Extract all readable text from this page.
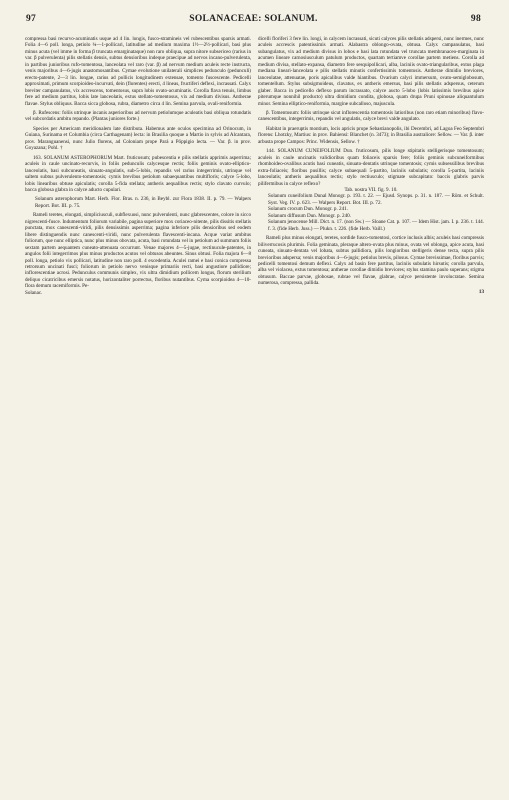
97	SOLANACEAE: SOLANUM.	98

compressa basi recurvo-acuminatis usque ad 4 lin. longis, fusco-stramineis vel rubescentibus sparsis armati. Folia 4—6 poll. longa, petiolo ¾—1-pollicari, latitudine ad medium maxima 1½—2½-pollicari, basi plus minus acuta (vel imme in forma β truncata emarginataque) non raro obliqua, supra nitore subsericeo (rarius in var. β pulverulenta) pilis stellatis densis, subtus densioribus indeque praecipue ad nervos incano-pulverulenta, in partibus junioribus rufo-tomentosa, lanceolata vel raro (var. β) ad nervum medium aculeis recte instructa, venis majoribus 4—6-jugis anastomosantibus. Cymae evolutione unilaterali simplices pedunculo (pedunculi) erecto-patente, 2—3 lin. longae, rarius ad pollicis longitudinem extensae, tomento fuscescente. Pedicelli approximati, primum scorpioideo-incurvati, dein (florentes) erecti, 4 lineas, fructiferi deflexi, incrassati. Calyx breviter campanulatus, vix accrescens, tomentosus, supra lobis ovato-acuminatis. Corolla flava tenuis, limbus fere ad medium partitus, lobis late lanceolatis, extus stellato-tomentosus, vix ad medium divisus. Antherae flavae. Stylus obliquus. Bacca sicca globosa, rubra, diametro circa 4 lin. Semina parvula, ovali-reniformia.

β. Rufescens: foliis utrinque incanis asperioribus ad nervum petiolumque aculeatis basi obliqua rotundatis vel subcordatis ambitu repando. (Plantas juniores forte.)

Species per Americam meridionalem late distributa. Habemus ante oculos specimina ad Orinocum, in Guiana, Surinama et Columbia (circa Carthagenam) lecta: in Brasilia quoque a Martio in sylvis ad Alcantara, prov. Maranguanensi, nunc Julio florens, ad Coloniam prope Pará a Pöppigio lecta. — Var. β. in prov. Goyazana; Pohl. †

163. SOLANUM ASTEROPHORUM Mart. fruticosum; pubescentia e pilis stellatis apprimis asperrima; aculeis in caule uncinato-recurvis, in foliis pedunculis calycesque rectis; foliis geminis ovato-elliptico-lanceolatis, basi subcuneatis, sinuato-angulatis, sub-5-lobis, repandis vel rarius integerrimis, utrinque vel saltem subtus pulverulento-tomentosis; cymis brevibus petiolum subaequantibus multifloris; calyce 5-lobo, lobis linearibus obtuse apiculatis; corolla 5-fida stellata; antheris aequalibus rectis; stylo clavato curvulo; bacca globosa glabra in calyce aducto cupulari.

Solanum asterophorum Mart. Herb. Flor. Bras. n. 236, in Beybl. zur Flora 1838. II. p. 79. — Walpers Report. Bot. III. p. 75.

Rameli teretes, elongati, simpliciusculi, subflexuosi, nunc pulverulenti, nunc glabrescentes, colore in sicco nigrescenti-fusce. Indumentum foliorum variabile, pagina superiore mox coriaceo-nitente, pilis dissitis stellatis punctata, mox canescenti-viridi, pilis densissimis asperrima; pagina inferiore pilis densioribus sed eodem libere distinguendis nunc canescenti-viridi, nunc pulverulenta flavescenti-incana. Acque variat ambitus foliorum, que nunc elliptica, nunc plus minus obovata, acuta, basi rotundata vel in petiolum ad summum foliis sextam partem aequantem cuneato-attenuata occurrunt. Venae majores 4—5-jugae, rectinucule-patentes, in angulos folii integerrimos plus minus productos acutos vel obtusos abeuntes. Sinus obtusi. Folia majora 6—8 poll. longa, petiolo vix pollicari, latitudine non raro poll. 4 excedentia. Aculei ramei e basi conica compressa retrorsum uncinati fusci; foliorum in petiolo nervo venisque primariis recti, basi angustiore pallidiore; inflorescentiae acrosi. Pedunculus communis simplex, vix ultra dimidium pollicem longus, florum sterilium deliquo cicatricibus emersis notatus, horizontaliter porrectus, floribus nutantibus. Cyma scorpioidea 4—10-flora demum racemiformis. Pe-

Solanac.

dicelli floriferi 3 fere lin. longi, in calycem incrassati, sicuti calyces pilis stellatis adspersi, nunc inermes, nunc aculeis accrescis patentissimis armati. Alabastra oblongo-ovata, obtusa. Calyx campanulatus, basi subangulatus, vix ad medium divisus in lobos e basi lata rotundata vel truncata membranaceo-marginata in acumen lineare carnosiusculum patulum productos, quartam tertiamve corollae partem metiens. Corolla ad medium divisa, stellato-expansa, diametro fere sesquipollicari, alba, laciniis ovato-triangularibus, extus plaga mediana lineari-lanceolata e pilis stellatis minutis confertissimis tomentosis. Antherae dimidio breviores, lanceolatae, attenuatae, poris apicalibus valde hiantibus. Ovarium calyci immersum, ovato-semiglobosum, tomentellum. Stylus subsigmoideus, clavatus, ex antheris emersus, basi pilis stellatis adspersus, ceterum glaber. Bacca in pedicello deflexo parum incrassato, calyce aucto 5-lobo (lobis latissimis brevibus apice piterumque nonnihil producto) ultra dimidium condita, globosa, quam drupa Pruni spinosae aliquantulum minor. Semina elliptico-reniformia, margine subcalloso, majuscula.

β. Tomentosum: foliis utrinque sicut inflorescentia tomentosis latioribus (non raro etiam minoribus) flavo-canescentibus, integerrimis, repandis vel angulatis, calyce brevi valde angulato.

Habitat in praeruptis montium, locis apricis prope Sebastianopolis, ibi Decembri, ad Lagoa Feo Septembri florens: Lhotzky, Martius: in prov. Bahiensi: Blanchet (n. 3473); in Brasilia australiore: Sellow. — Var. β. inter arbusta prope Campos: Princ. Widensis, Sellow. †

144. SOLANUM CUNEIFOLIUM Dun. fruticosum, pilis longe stipitatis stelligerisque tomentosum; aculeis in caule uncinatis validioribus quam foliaceis sparsis fere; foliis geminis subcuneiformibus rhomboideo-ovalibus acutis basi cuneatis, sinuato-dentatis utrinque tomentosis; cymis subsessilibus brevibus extra-foliaceis; floribus pusillis; calyce subaequali 5-partito, laciniis subulatis; corolla 5-partita, laciniis lanceolatis; antheris aequalibus rectis; stylo rectiusculo; stigmate subcapitato: baccis glabris parvis pilifermibus in calyce reflexo?

Tab. nostra VII. fig. 9. 10.

Solanum cuneifolium Dunal Monogr. p. 193. t. 22. — Ejusd. Synops. p. 31. n. 187. — Röm. et Schult. Syst. Veg. IV. p. 623. — Walpers Report. Bot. III. p. 72.

Solanum crocum Dun. Monogr. p. 241.

Solanum diffusum Dun. Monogr. p. 240.

Solanum jenocense Mill. Dict. n. 17. (non Sw.) — Sloane Cat. p. 107. — Idem Hist. jam. I. p. 236. t. 144. f. 3. (fide Herb. Juss.) — Plukn. t. 226. (fide Herb. Vaill.)

Rameli plus minus elongati, teretes, sordide fusco-tomentosi, cortice inclusis albis; aculeis basi compressis biliverrucosis plurimis. Folia geminata, pleraque altero-ovata plus minus, ovata vel oblonga, apice acuta, basi cuneata, sinuato-dentata vel lobata, subtus pallidiora, pilis longioribus stelligeris dense tecta, supra pilis brevioribus adspersa; venis majoribus 4—6-jugis; petiolus brevis, pilosus. Cymae brevissimae, floribus parvis; pedicelli tomentosi demum deflexi. Calyx ad basin fere partitus, laciniis subulatis hirsutis; corolla parvula, alba vel violacea, extus tomentosa; antherae corollae dimidio breviores; stylus stamina paulo superans; stigma obtusum. Baccae parvae, globosae, rubrae vel flavae, glabrae, calyce persistente involucratae. Semina numerosa, compressa, pallida.

13
